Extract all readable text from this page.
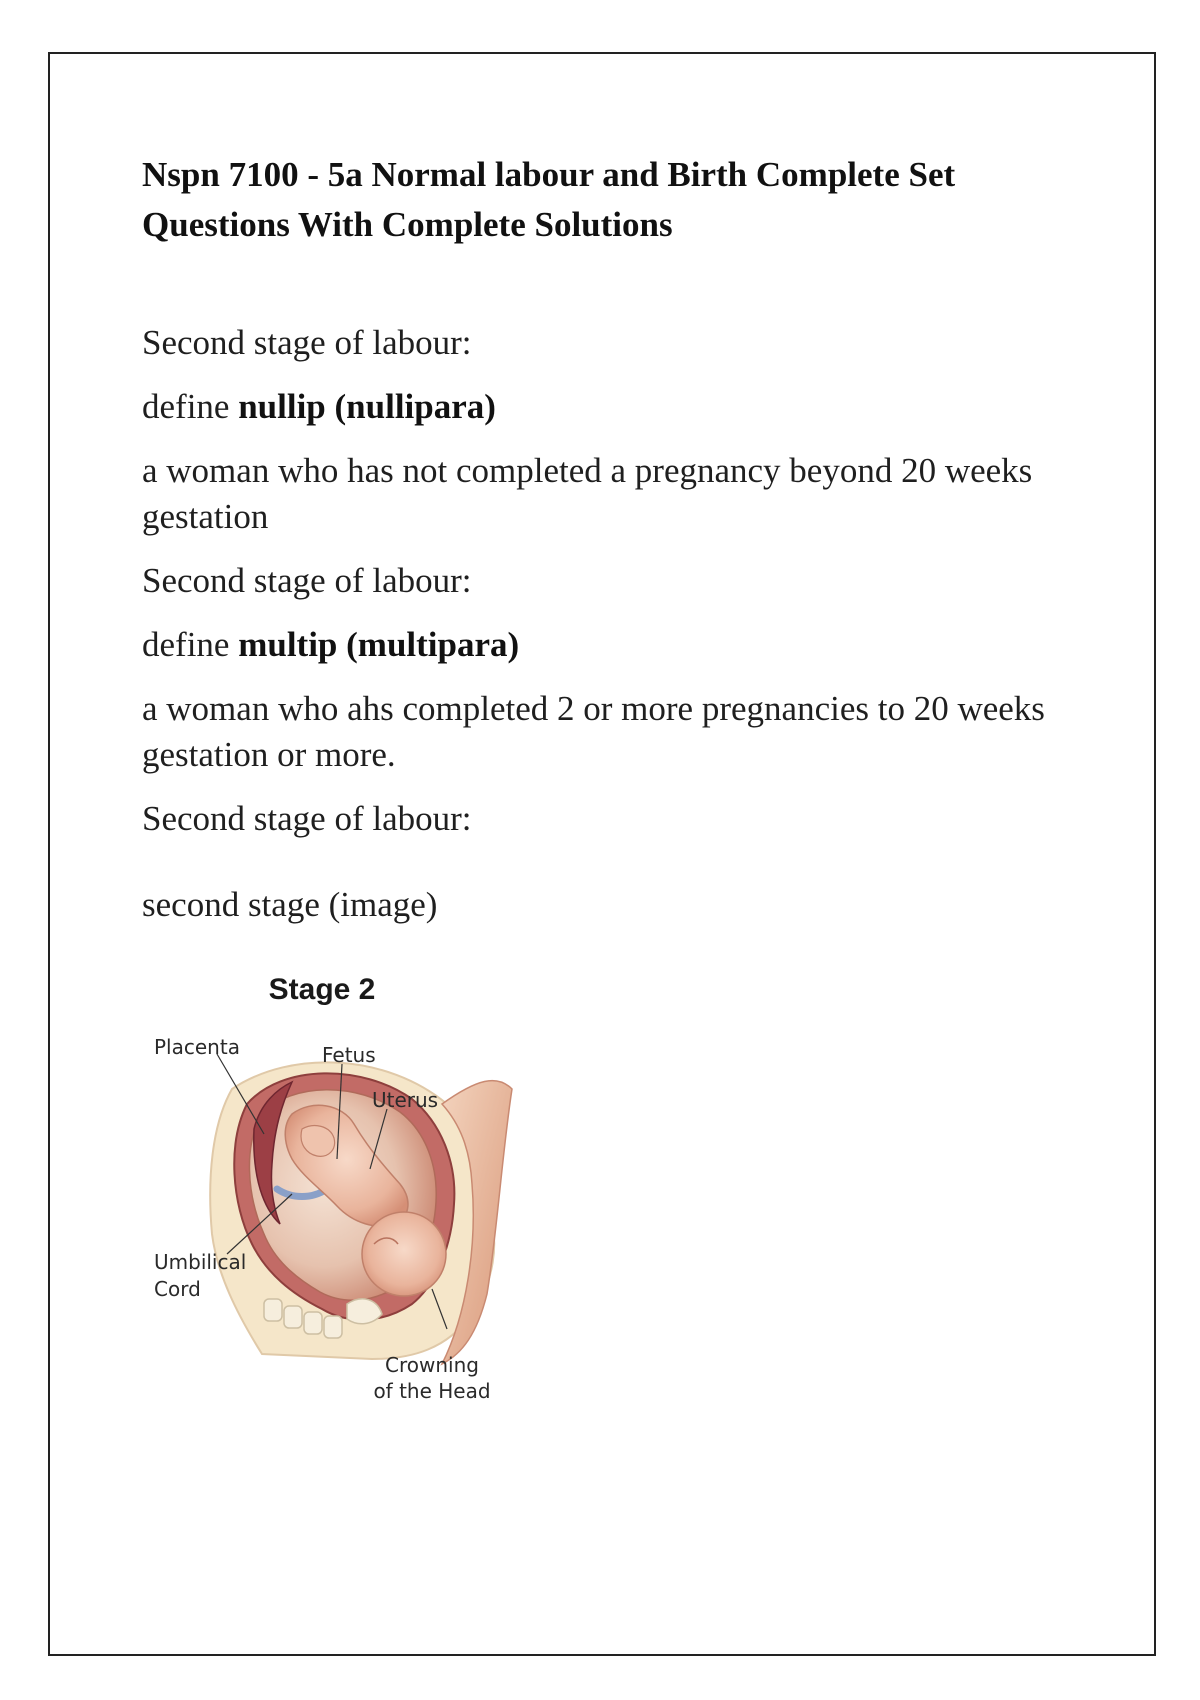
Nspn 7100 - 5a Normal labour and Birth Complete Set
Questions With Complete Solutions

Second stage of labour:

define nullip (nullipara)

a woman who has not completed a pregnancy beyond 20 weeks gestation

Second stage of labour:

define multip (multipara)

a woman who ahs completed 2 or more pregnancies to 20 weeks gestation or more.

Second stage of labour:

second stage (image)

Stage 2
Placenta	Fetus
Uterus
Umbilical
Cord
Crowning
of the Head
